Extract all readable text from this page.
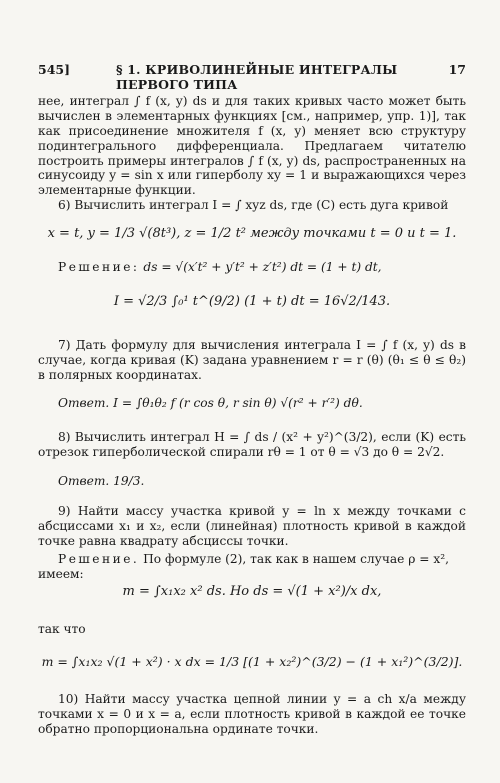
545]	§ 1. КРИВОЛИНЕЙНЫЕ ИНТЕГРАЛЫ ПЕРВОГО ТИПА
17
нее, интеграл ∫ f (x, y) ds и для таких кривых часто может быть вычислен в элементарных функциях [см., например, упр. 1)], так как присоединение множителя f (x, y) меняет всю структуру подинтегрального дифференциала. Предлагаем читателю построить примеры интегралов ∫ f (x, y) ds, распространенных на синусоиду y = sin x или гиперболу xy = 1 и выражающихся через элементарные функции.
6) Вычислить интеграл I = ∫ xyz ds, где (C) есть дуга кривой
x = t, y = 1/3 √(8t³), z = 1/2 t² между точками t = 0 и t = 1.
Решение: ds = √(x′t² + y′t² + z′t²) dt = (1 + t) dt,
I = √2/3 ∫₀¹ t^(9/2) (1 + t) dt = 16√2/143.
7) Дать формулу для вычисления интеграла I = ∫ f (x, y) ds в случае, когда кривая (K) задана уравнением r = r (θ) (θ₁ ≤ θ ≤ θ₂) в полярных координатах.
Ответ. I = ∫θ₁θ₂ f (r cos θ, r sin θ) √(r² + r′²) dθ.
8) Вычислить интеграл H = ∫ ds / (x² + y²)^(3/2), если (K) есть отрезок гиперболической спирали rθ = 1 от θ = √3 до θ = 2√2.
Ответ. 19/3.
9) Найти массу участка кривой y = ln x между точками с абсциссами x₁ и x₂, если (линейная) плотность кривой в каждой точке равна квадрату абсциссы точки.
Решение. По формуле (2), так как в нашем случае ρ = x², имеем:
m = ∫x₁x₂ x² ds. Но ds = √(1 + x²)/x dx,
так что
m = ∫x₁x₂ √(1 + x²) · x dx = 1/3 [(1 + x₂²)^(3/2) − (1 + x₁²)^(3/2)].
10) Найти массу участка цепной линии y = a ch x/a между точками x = 0 и x = a, если плотность кривой в каждой ее точке обратно пропорциональна ординате точки.
